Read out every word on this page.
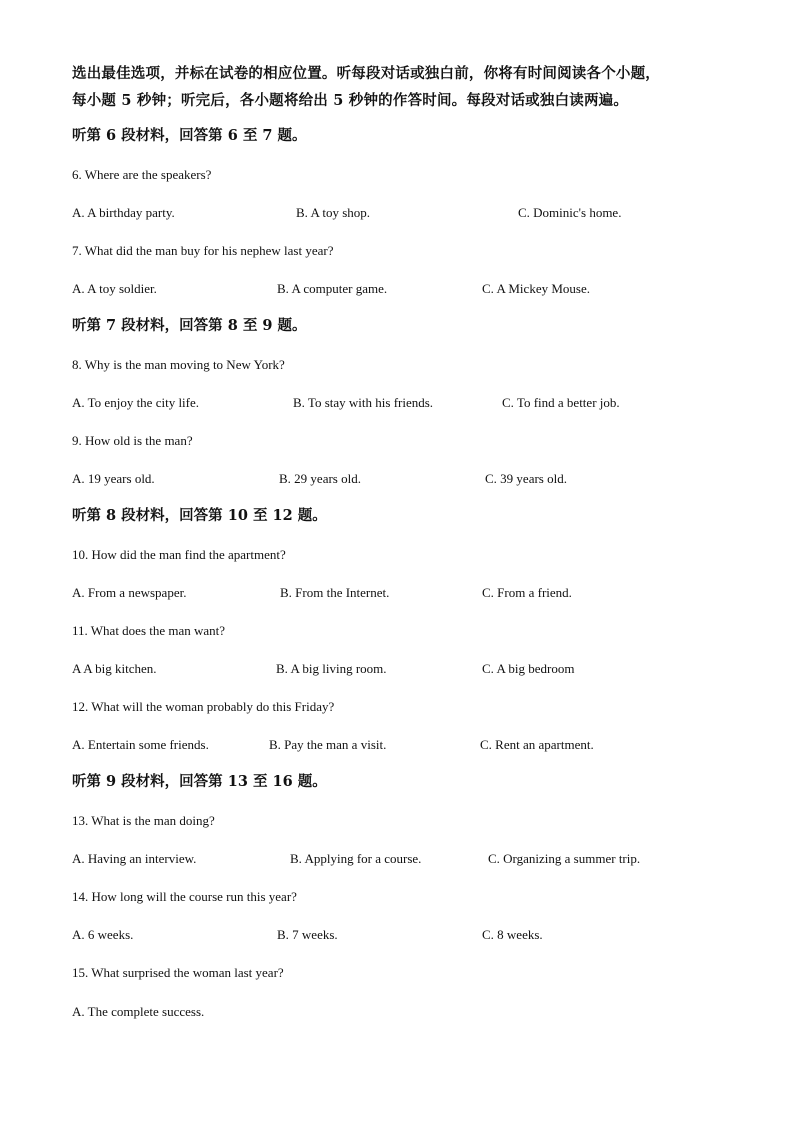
选出最佳选项，并标在试卷的相应位置。听每段对话或独白前，你将有时间阅读各个小题，
每小题 5 秒钟；听完后，各小题将给出 5 秒钟的作答时间。每段对话或独白读两遍。
听第 6 段材料，回答第 6 至 7 题。
6. Where are the speakers?
A. A birthday party.	B. A toy shop.	C. Dominic's home.
7. What did the man buy for his nephew last year?
A. A toy soldier.	B. A computer game.	C. A Mickey Mouse.
听第 7 段材料，回答第 8 至 9 题。
8. Why is the man moving to New York?
A. To enjoy the city life.	B. To stay with his friends.	C. To find a better job.
9. How old is the man?
A. 19 years old.	B. 29 years old.	C. 39 years old.
听第 8 段材料，回答第 10 至 12 题。
10. How did the man find the apartment?
A. From a newspaper.	B. From the Internet.	C. From a friend.
11. What does the man want?
A A big kitchen.	B. A big living room.	C. A big bedroom
12. What will the woman probably do this Friday?
A. Entertain some friends.	B. Pay the man a visit.	C. Rent an apartment.
听第 9 段材料，回答第 13 至 16 题。
13. What is the man doing?
A. Having an interview.	B. Applying for a course.	C. Organizing a summer trip.
14. How long will the course run this year?
A. 6 weeks.	B. 7 weeks.	C. 8 weeks.
15. What surprised the woman last year?
A. The complete success.
